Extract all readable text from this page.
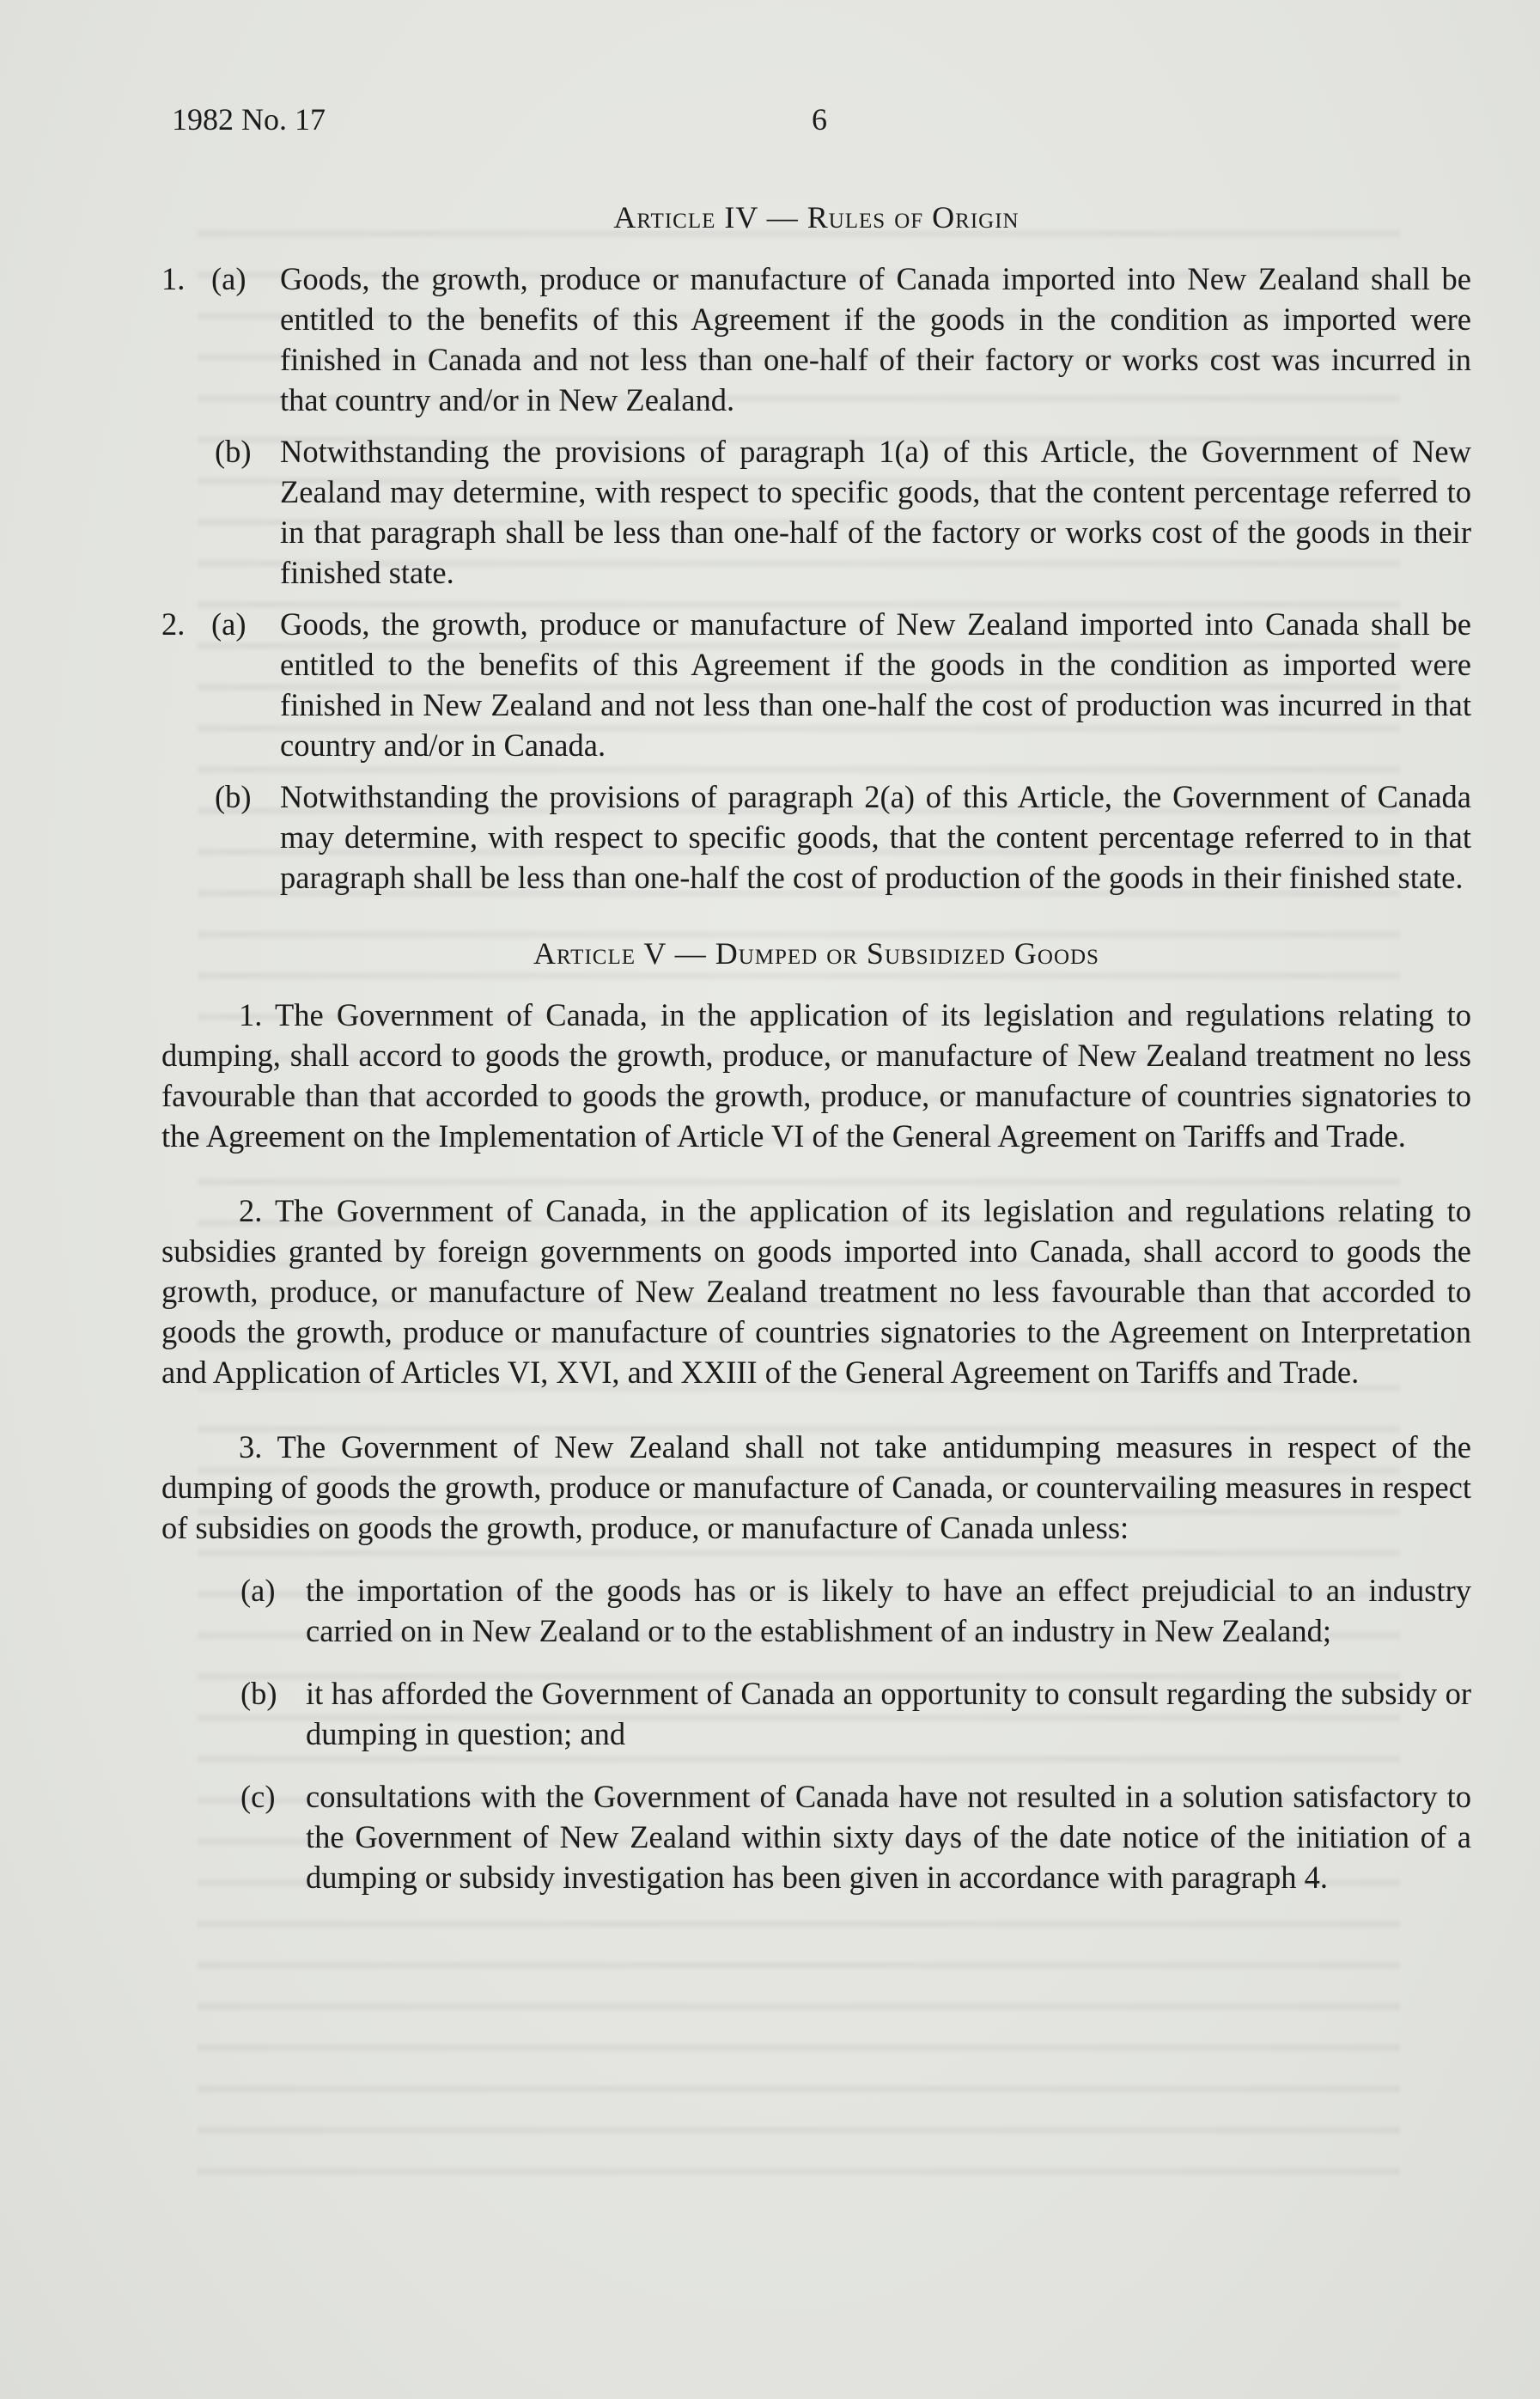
1982 No. 17	6
Article IV — Rules of Origin
1. (a) Goods, the growth, produce or manufacture of Canada imported into New Zealand shall be entitled to the benefits of this Agreement if the goods in the condition as imported were finished in Canada and not less than one-half of their factory or works cost was incurred in that country and/or in New Zealand.
(b) Notwithstanding the provisions of paragraph 1(a) of this Article, the Government of New Zealand may determine, with respect to specific goods, that the content percentage referred to in that paragraph shall be less than one-half of the factory or works cost of the goods in their finished state.
2. (a) Goods, the growth, produce or manufacture of New Zealand imported into Canada shall be entitled to the benefits of this Agreement if the goods in the condition as imported were finished in New Zealand and not less than one-half the cost of production was incurred in that country and/or in Canada.
(b) Notwithstanding the provisions of paragraph 2(a) of this Article, the Government of Canada may determine, with respect to specific goods, that the content percentage referred to in that paragraph shall be less than one-half the cost of production of the goods in their finished state.
Article V — Dumped or Subsidized Goods

1. The Government of Canada, in the application of its legislation and regulations relating to dumping, shall accord to goods the growth, produce, or manufacture of New Zealand treatment no less favourable than that accorded to goods the growth, produce, or manufacture of countries signatories to the Agreement on the Implementation of Article VI of the General Agreement on Tariffs and Trade.

2. The Government of Canada, in the application of its legislation and regulations relating to subsidies granted by foreign governments on goods imported into Canada, shall accord to goods the growth, produce, or manufacture of New Zealand treatment no less favourable than that accorded to goods the growth, produce or manufacture of countries signatories to the Agreement on Interpretation and Application of Articles VI, XVI, and XXIII of the General Agreement on Tariffs and Trade.

3. The Government of New Zealand shall not take antidumping measures in respect of the dumping of goods the growth, produce or manufacture of Canada, or countervailing measures in respect of subsidies on goods the growth, produce, or manufacture of Canada unless:

(a) the importation of the goods has or is likely to have an effect prejudicial to an industry carried on in New Zealand or to the establishment of an industry in New Zealand;
(b) it has afforded the Government of Canada an opportunity to consult regarding the subsidy or dumping in question; and
(c) consultations with the Government of Canada have not resulted in a solution satisfactory to the Government of New Zealand within sixty days of the date notice of the initiation of a dumping or subsidy investigation has been given in accordance with paragraph 4.
